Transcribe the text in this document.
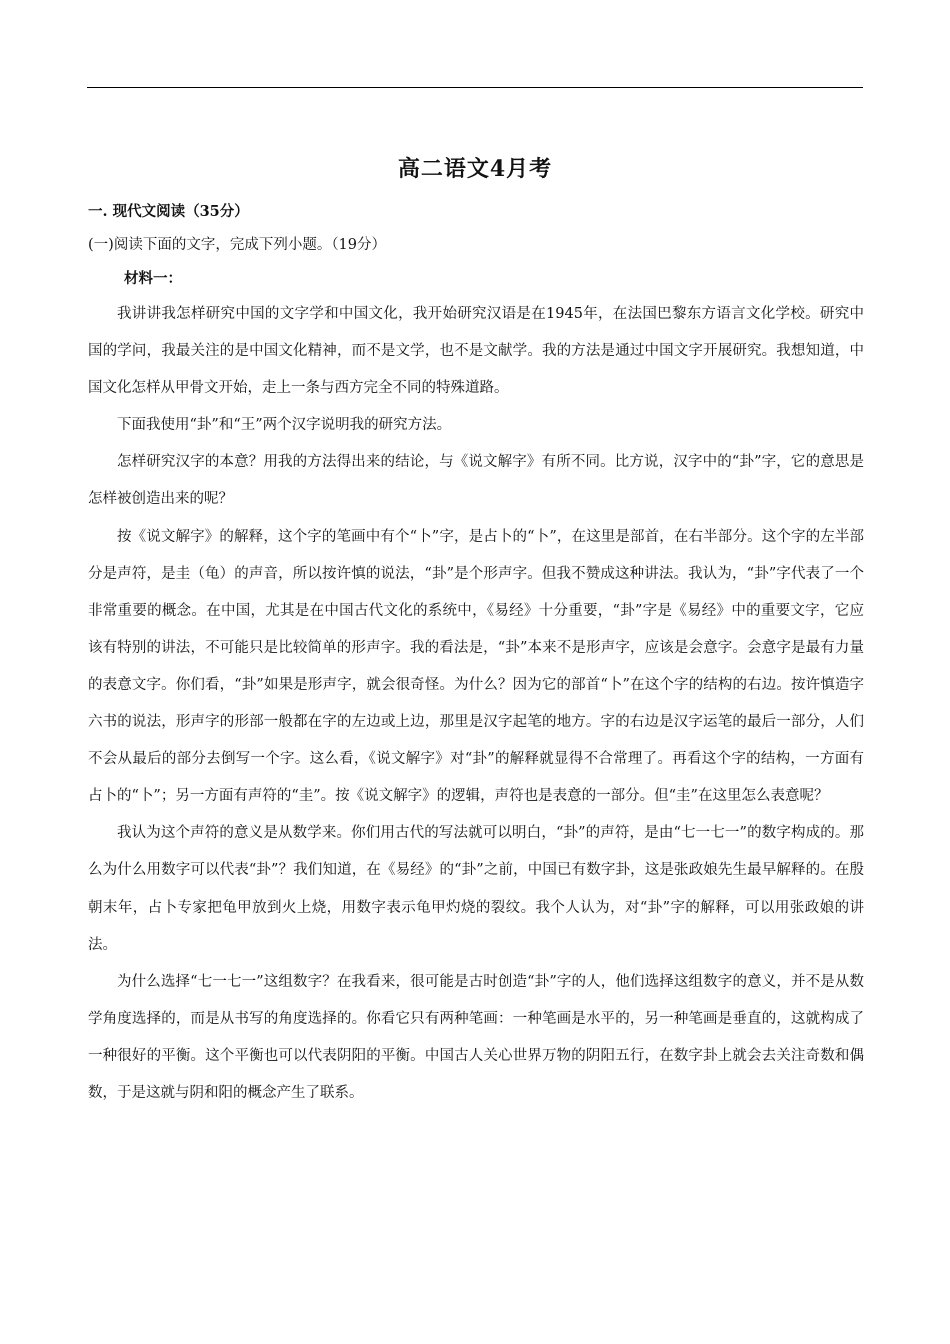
高二语文4月考
一. 现代文阅读（35分）
(一)阅读下面的文字，完成下列小题。（19分）
材料一：

我讲讲我怎样研究中国的文字学和中国文化，我开始研究汉语是在1945年，在法国巴黎东方语言文化学校。研究中国的学问，我最关注的是中国文化精神，而不是文学，也不是文献学。我的方法是通过中国文字开展研究。我想知道，中国文化怎样从甲骨文开始，走上一条与西方完全不同的特殊道路。

下面我使用“卦”和“王”两个汉字说明我的研究方法。

怎样研究汉字的本意？用我的方法得出来的结论，与《说文解字》有所不同。比方说，汉字中的“卦”字，它的意思是怎样被创造出来的呢？

按《说文解字》的解释，这个字的笔画中有个“卜”字，是占卜的“卜”，在这里是部首，在右半部分。这个字的左半部分是声符，是圭（龟）的声音，所以按许慎的说法，“卦”是个形声字。但我不赞成这种讲法。我认为，“卦”字代表了一个非常重要的概念。在中国，尤其是在中国古代文化的系统中，《易经》十分重要，“卦”字是《易经》中的重要文字，它应该有特别的讲法，不可能只是比较简单的形声字。我的看法是，“卦”本来不是形声字，应该是会意字。会意字是最有力量的表意文字。你们看，“卦”如果是形声字，就会很奇怪。为什么？因为它的部首“卜”在这个字的结构的右边。按许慎造字六书的说法，形声字的形部一般都在字的左边或上边，那里是汉字起笔的地方。字的右边是汉字运笔的最后一部分，人们不会从最后的部分去倒写一个字。这么看，《说文解字》对“卦”的解释就显得不合常理了。再看这个字的结构，一方面有占卜的“卜”；另一方面有声符的“圭”。按《说文解字》的逻辑，声符也是表意的一部分。但“圭”在这里怎么表意呢？

我认为这个声符的意义是从数学来。你们用古代的写法就可以明白，“卦”的声符，是由“七一七一”的数字构成的。那么为什么用数字可以代表“卦”？我们知道，在《易经》的“卦”之前，中国已有数字卦，这是张政娘先生最早解释的。在殷朝末年，占卜专家把龟甲放到火上烧，用数字表示龟甲灼烧的裂纹。我个人认为，对“卦”字的解释，可以用张政娘的讲法。

为什么选择“七一七一”这组数字？在我看来，很可能是古时创造“卦”字的人，他们选择这组数字的意义，并不是从数学角度选择的，而是从书写的角度选择的。你看它只有两种笔画：一种笔画是水平的，另一种笔画是垂直的，这就构成了一种很好的平衡。这个平衡也可以代表阴阳的平衡。中国古人关心世界万物的阴阳五行，在数字卦上就会去关注奇数和偶数，于是这就与阴和阳的概念产生了联系。
